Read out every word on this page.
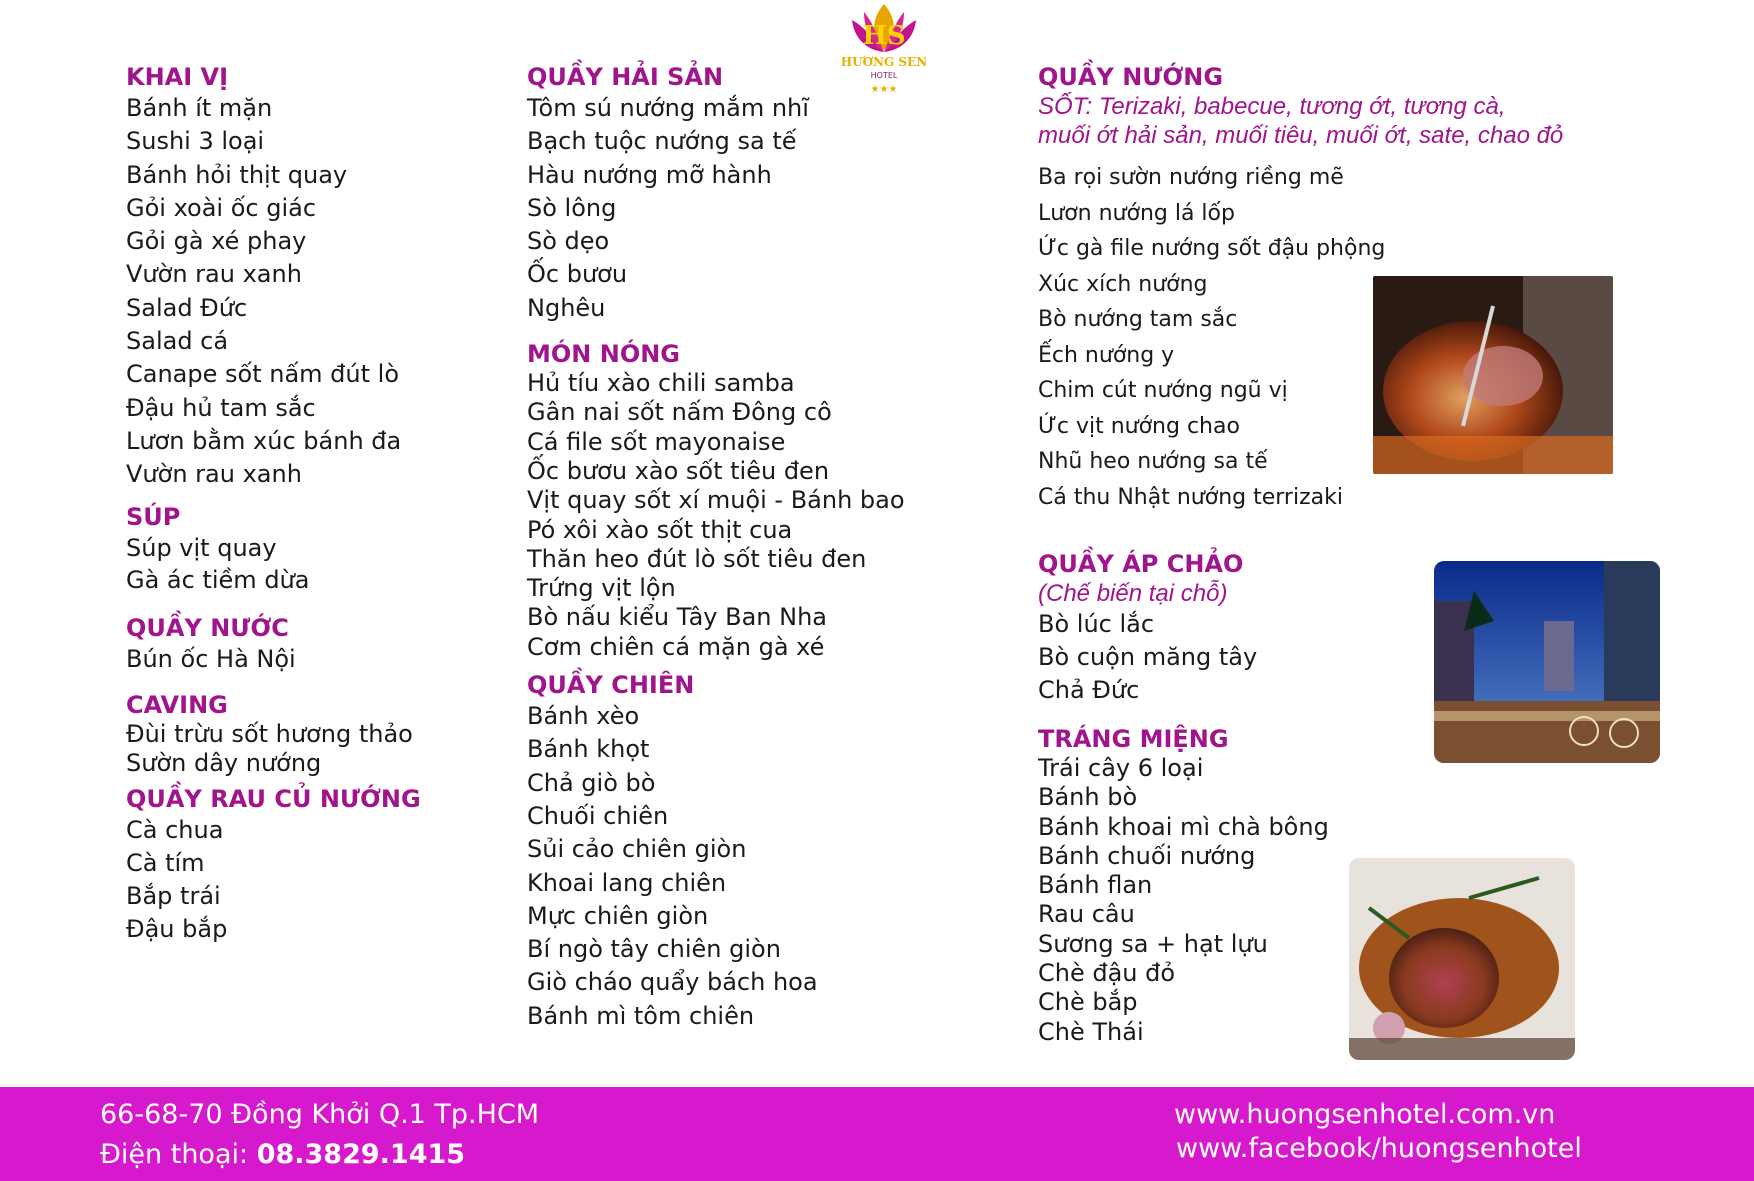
HS
HƯƠNG SEN
HOTEL
★★★
KHAI VỊ
Bánh ít mặn
Sushi 3 loại
Bánh hỏi thịt quay
Gỏi xoài ốc giác
Gỏi gà xé phay
Vườn rau xanh
Salad Đức
Salad cá
Canape sốt nấm đút lò
Đậu hủ tam sắc
Lươn bằm xúc bánh đa
Vườn rau xanh
SÚP
Súp vịt quay
Gà ác tiềm dừa
QUẦY NƯỚC
Bún ốc Hà Nội
CAVING
Đùi trừu sốt hương thảo
Sườn dây nướng
QUẦY RAU CỦ NƯỚNG
Cà chua
Cà tím
Bắp trái
Đậu bắp
QUẦY HẢI SẢN
Tôm sú nướng mắm nhĩ
Bạch tuộc nướng sa tế
Hàu nướng mỡ hành
Sò lông
Sò dẹo
Ốc bươu
Nghêu
MÓN NÓNG
Hủ tíu xào chili samba
Gân nai sốt nấm Đông cô
Cá file sốt mayonaise
Ốc bươu xào sốt tiêu đen
Vịt quay sốt xí muội - Bánh bao
Pó xôi xào sốt thịt cua
Thăn heo đút lò sốt tiêu đen
Trứng vịt lộn
Bò nấu kiểu Tây Ban Nha
Cơm chiên cá mặn gà xé
QUẦY CHIÊN
Bánh xèo
Bánh khọt
Chả giò bò
Chuối chiên
Sủi cảo chiên giòn
Khoai lang chiên
Mực chiên giòn
Bí ngò tây chiên giòn
Giò cháo quẩy bách hoa
Bánh mì tôm chiên
QUẦY NƯỚNG
SỐT: Terizaki, babecue, tương ớt, tương cà,
muối ớt hải sản, muối tiêu, muối ớt, sate, chao đỏ
Ba rọi sườn nướng riềng mẽ
Lươn nướng lá lốp
Ức gà file nướng sốt đậu phộng
Xúc xích nướng
Bò nướng tam sắc
Ếch nướng y
Chim cút nướng ngũ vị
Ức vịt nướng chao
Nhũ heo nướng sa tế
Cá thu Nhật nướng terrizaki
QUẦY ÁP CHẢO
(Chế biến tại chỗ)
Bò lúc lắc
Bò cuộn măng tây
Chả Đức
TRÁNG MIỆNG
Trái cây 6 loại
Bánh bò
Bánh khoai mì chà bông
Bánh chuối nướng
Bánh flan
Rau câu
Sương sa + hạt lựu
Chè đậu đỏ
Chè bắp
Chè Thái
66-68-70 Đồng Khởi Q.1 Tp.HCM
Điện thoại: 08.3829.1415
www.huongsenhotel.com.vn
www.facebook/huongsenhotel
